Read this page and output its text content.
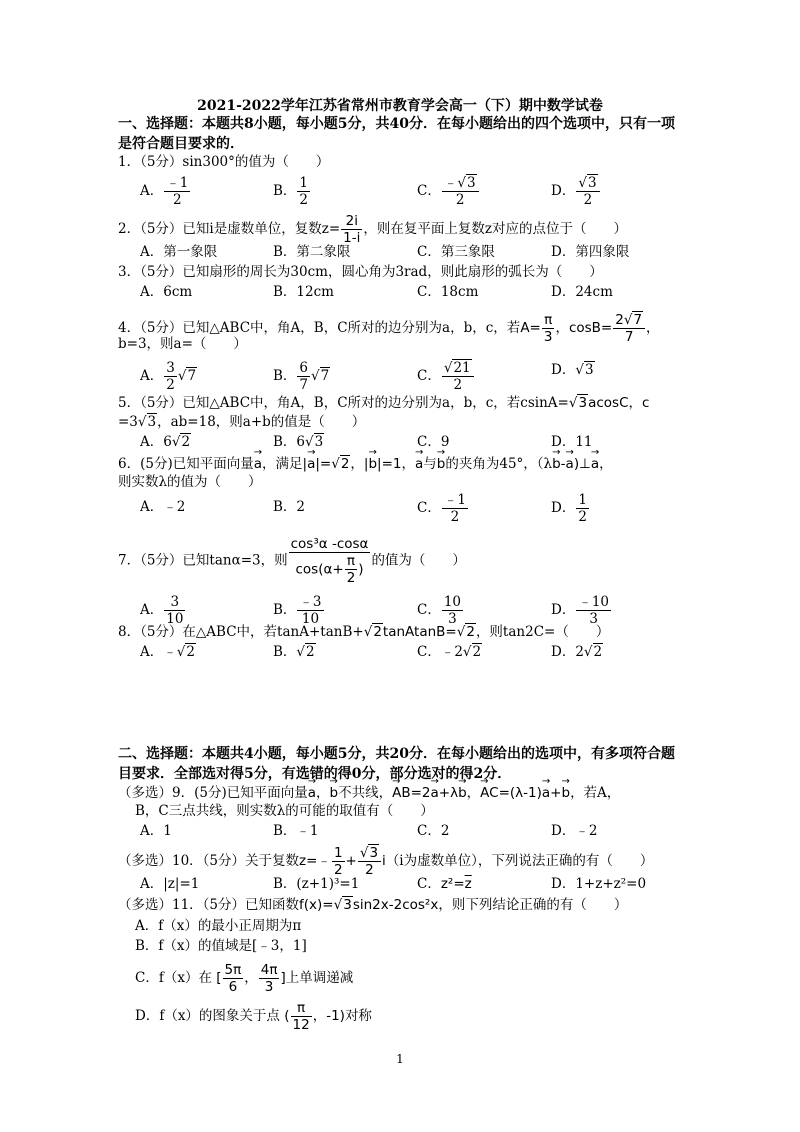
2021-2022学年江苏省常州市教育学会高一（下）期中数学试卷
一、选择题：本题共8小题，每小题5分，共40分．在每小题给出的四个选项中，只有一项是符合题目要求的．
1．（5分）sin300°的值为（　　）
A． $\frac{﹣1}{2}$	B． $\frac{1}{2}$	C． $\frac{﹣√3}{2}$	D． $\frac{√3}{2}$
2．（5分）已知i是虚数单位，复数$z= \frac{2i}{1-i}$ ，则在复平面上复数z对应的点位于（　　）
A．第一象限	B．第二象限	C．第三象限	D．第四象限
3．（5分）已知扇形的周长为30cm，圆心角为3rad，则此扇形的弧长为（　　）
A．6cm	B．12cm	C．18cm	D．24cm
4．（5分）已知△ABC中，角A，B，C所对的边分别为a，b，c，若$A= \frac{\pi}{3}$ ，$\cos B= \frac{2√7}{7}$ ，
b=3，则a=（　　）
A． $\frac{3}{2} √7$	B． $\frac{6}{7} √7$	C． $\frac{√21}{2}$	D．√3
5．（5分）已知△ABC中，角A，B，C所对的边分别为a，b，c，若csinA=√3acosC，c
=3√3，ab=18，则a+b的值是（　　）
A．6√2	B．6√3	C．9	D．11
6．(5分)已知平面向量→ a，满足|→ a|=√2，|→ b|=1，→ a与→ b的夹角为45°，（λ→ b-→ a)⊥→ a，
则实数λ的值为（　　）
A．﹣2	B．2	C． $\frac{﹣1}{2}$	D． $\frac{1}{2}$
7．（5分）已知tanα=3，则 $\frac{\text{cos³α -cosα}}{\cos(\alpha+ \frac{\pi}{2} )}$ 的值为（　　）
A． $\frac{3}{10}$	B． $\frac{﹣3}{10}$	C． $\frac{10}{3}$	D． $\frac{﹣10}{3}$
8．（5分）在△ABC中，若tanA+tanB+√2tanAtanB=√2，则tan2C=（　　）
A．﹣√2	B．√2	C．﹣2√2	D．2√2
二、选择题：本题共4小题，每小题5分，共20分．在每小题给出的选项中，有多项符合题目要求．全部选对得5分，有选错的得0分，部分选对的得2分．
（多选）9．(5分)已知平面向量→ a，→ b不共线，→ AB=2→ a+λ→ b，→ AC=(λ-1)→ a+→ b，若A，
B，C三点共线，则实数λ的可能的取值有（　　）
A．1	B．﹣1	C．2	D．﹣2
（多选）10．（5分）关于复数z=﹣ $\frac{1}{2} + \frac{√3}{2} i(i$为虚数单位），下列说法正确的有（　　）
A．|z|=1	B．(z+1)³=1	C．$z^2=\overline{z}$	D．1+z+z²=0
（多选）11．（5分）已知函数f(x)=√3sin2x-2cos²x，则下列结论正确的有（　　）
A．f（x）的最小正周期为π
B．f（x）的值域是[﹣3，1]
C．f（x）在 [ $\frac{5\pi}{6}$ ， $\frac{4\pi}{3}$ ]上单调递减
D．f（x）的图象关于点 ( $\frac{\pi}{12}$ ，-1)对称
1
